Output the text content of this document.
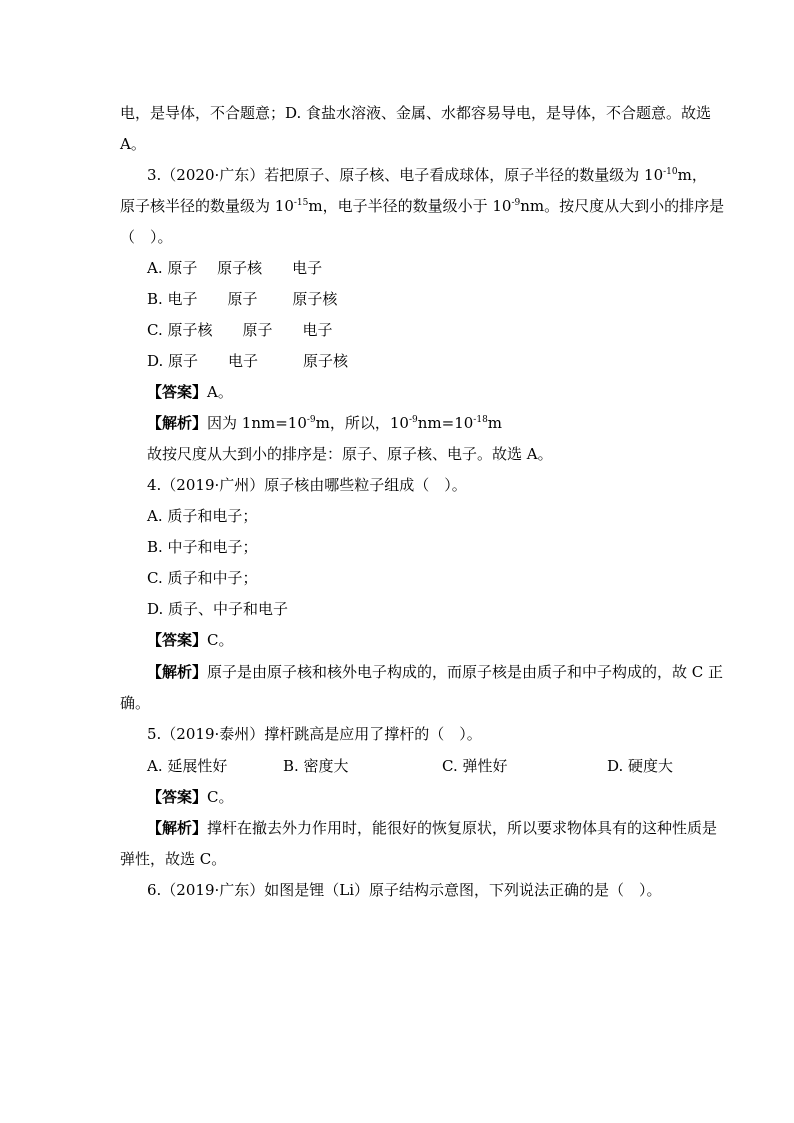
电，是导体，不合题意；D. 食盐水溶液、金属、水都容易导电，是导体，不合题意。故选
A。
3.（2020·广东）若把原子、原子核、电子看成球体，原子半径的数量级为 $10^{-10}m$，
原子核半径的数量级为 $10^{-15}m$，电子半径的数量级小于 $10^{-9}nm$。按尺度从大到小的排序是
（　）。
A. 原子　 原子核　　电子
B. 电子　　原子　　 原子核
C. 原子核　　原子　　电子
D. 原子　　电子　　　原子核
【答案】A。
【解析】因为 $1nm=10^{-9}m$，所以，$10^{-9}nm=10^{-18}m$
故按尺度从大到小的排序是：原子、原子核、电子。故选 A。
4.（2019·广州）原子核由哪些粒子组成（　）。
A. 质子和电子；
B. 中子和电子；
C. 质子和中子；
D. 质子、中子和电子
【答案】C。
【解析】原子是由原子核和核外电子构成的，而原子核是由质子和中子构成的，故 C 正
确。
5.（2019·泰州）撑杆跳高是应用了撑杆的（　）。
A. 延展性好	B. 密度大	C. 弹性好	D. 硬度大
【答案】C。
【解析】撑杆在撤去外力作用时，能很好的恢复原状，所以要求物体具有的这种性质是
弹性，故选 C。
6.（2019·广东）如图是锂（Li）原子结构示意图，下列说法正确的是（　）。
